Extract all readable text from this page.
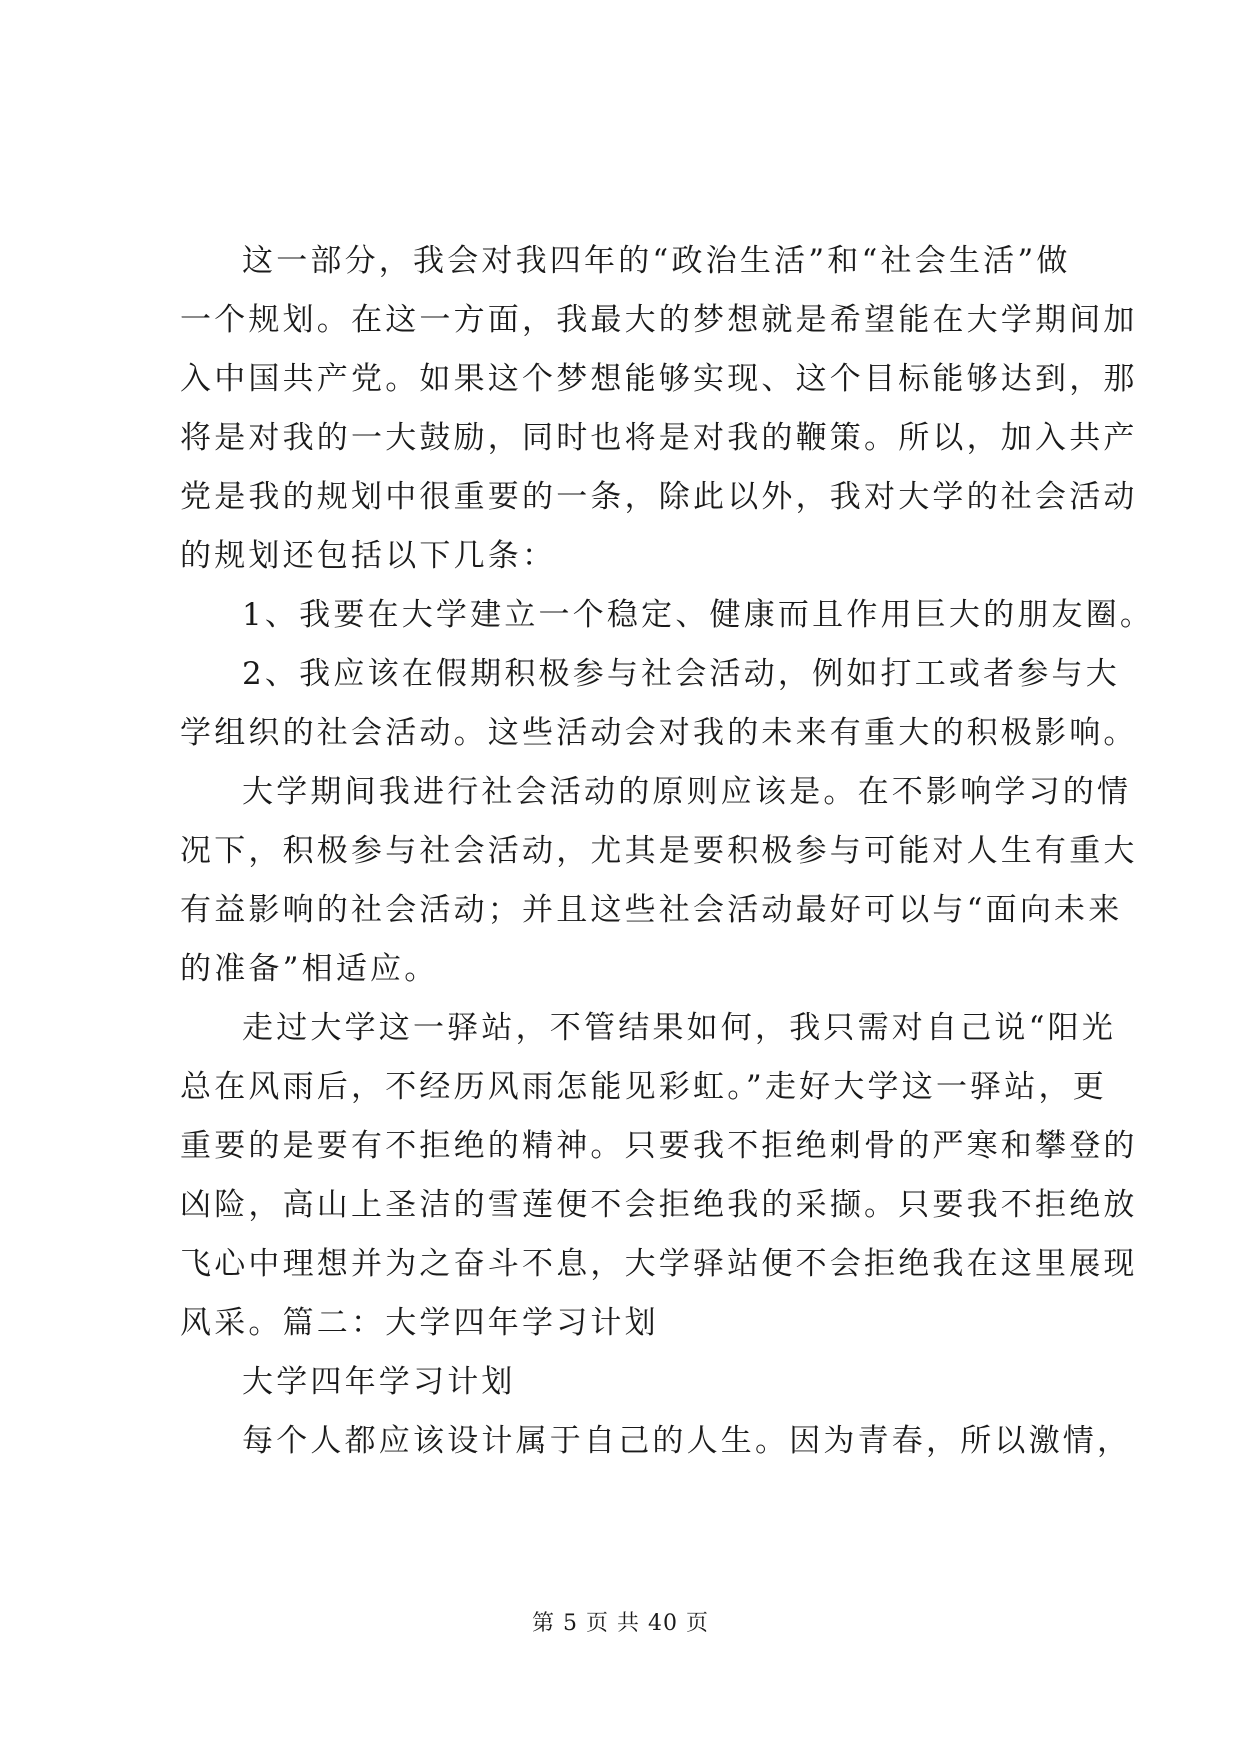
这一部分，我会对我四年的“政治生活”和“社会生活”做
一个规划。在这一方面，我最大的梦想就是希望能在大学期间加
入中国共产党。如果这个梦想能够实现、这个目标能够达到，那
将是对我的一大鼓励，同时也将是对我的鞭策。所以，加入共产
党是我的规划中很重要的一条，除此以外，我对大学的社会活动
的规划还包括以下几条：
1、我要在大学建立一个稳定、健康而且作用巨大的朋友圈。
2、我应该在假期积极参与社会活动，例如打工或者参与大
学组织的社会活动。这些活动会对我的未来有重大的积极影响。
大学期间我进行社会活动的原则应该是。在不影响学习的情
况下，积极参与社会活动，尤其是要积极参与可能对人生有重大
有益影响的社会活动；并且这些社会活动最好可以与“面向未来
的准备”相适应。
走过大学这一驿站，不管结果如何，我只需对自己说“阳光
总在风雨后，不经历风雨怎能见彩虹。”走好大学这一驿站，更
重要的是要有不拒绝的精神。只要我不拒绝刺骨的严寒和攀登的
凶险，高山上圣洁的雪莲便不会拒绝我的采撷。只要我不拒绝放
飞心中理想并为之奋斗不息，大学驿站便不会拒绝我在这里展现
风采。篇二：大学四年学习计划
大学四年学习计划
每个人都应该设计属于自己的人生。因为青春，所以激情，
第 5 页 共 40 页
